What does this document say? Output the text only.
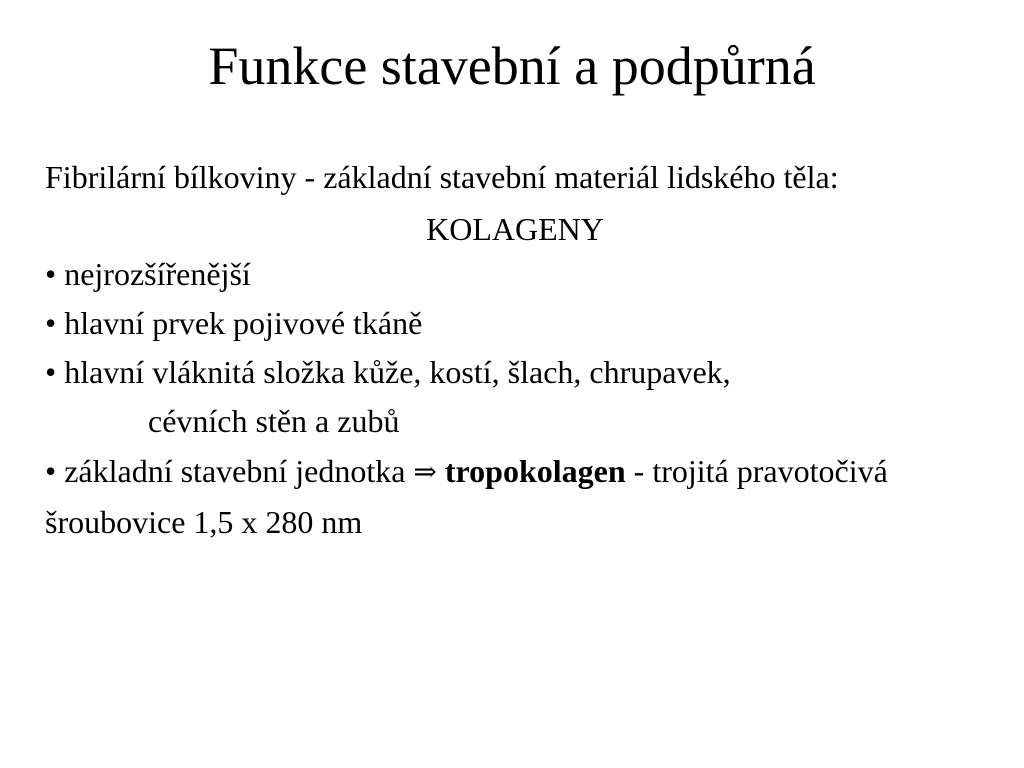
Funkce stavební a podpůrná

Fibrilární bílkoviny - základní stavební materiál lidského těla:

KOLAGENY
• nejrozšířenější
• hlavní prvek pojivové tkáně
• hlavní vláknitá složka kůže, kostí, šlach, chrupavek,
cévních stěn a zubů
• základní stavební jednotka ⇒ tropokolagen - trojitá pravotočivá šroubovice 1,5 x 280 nm
